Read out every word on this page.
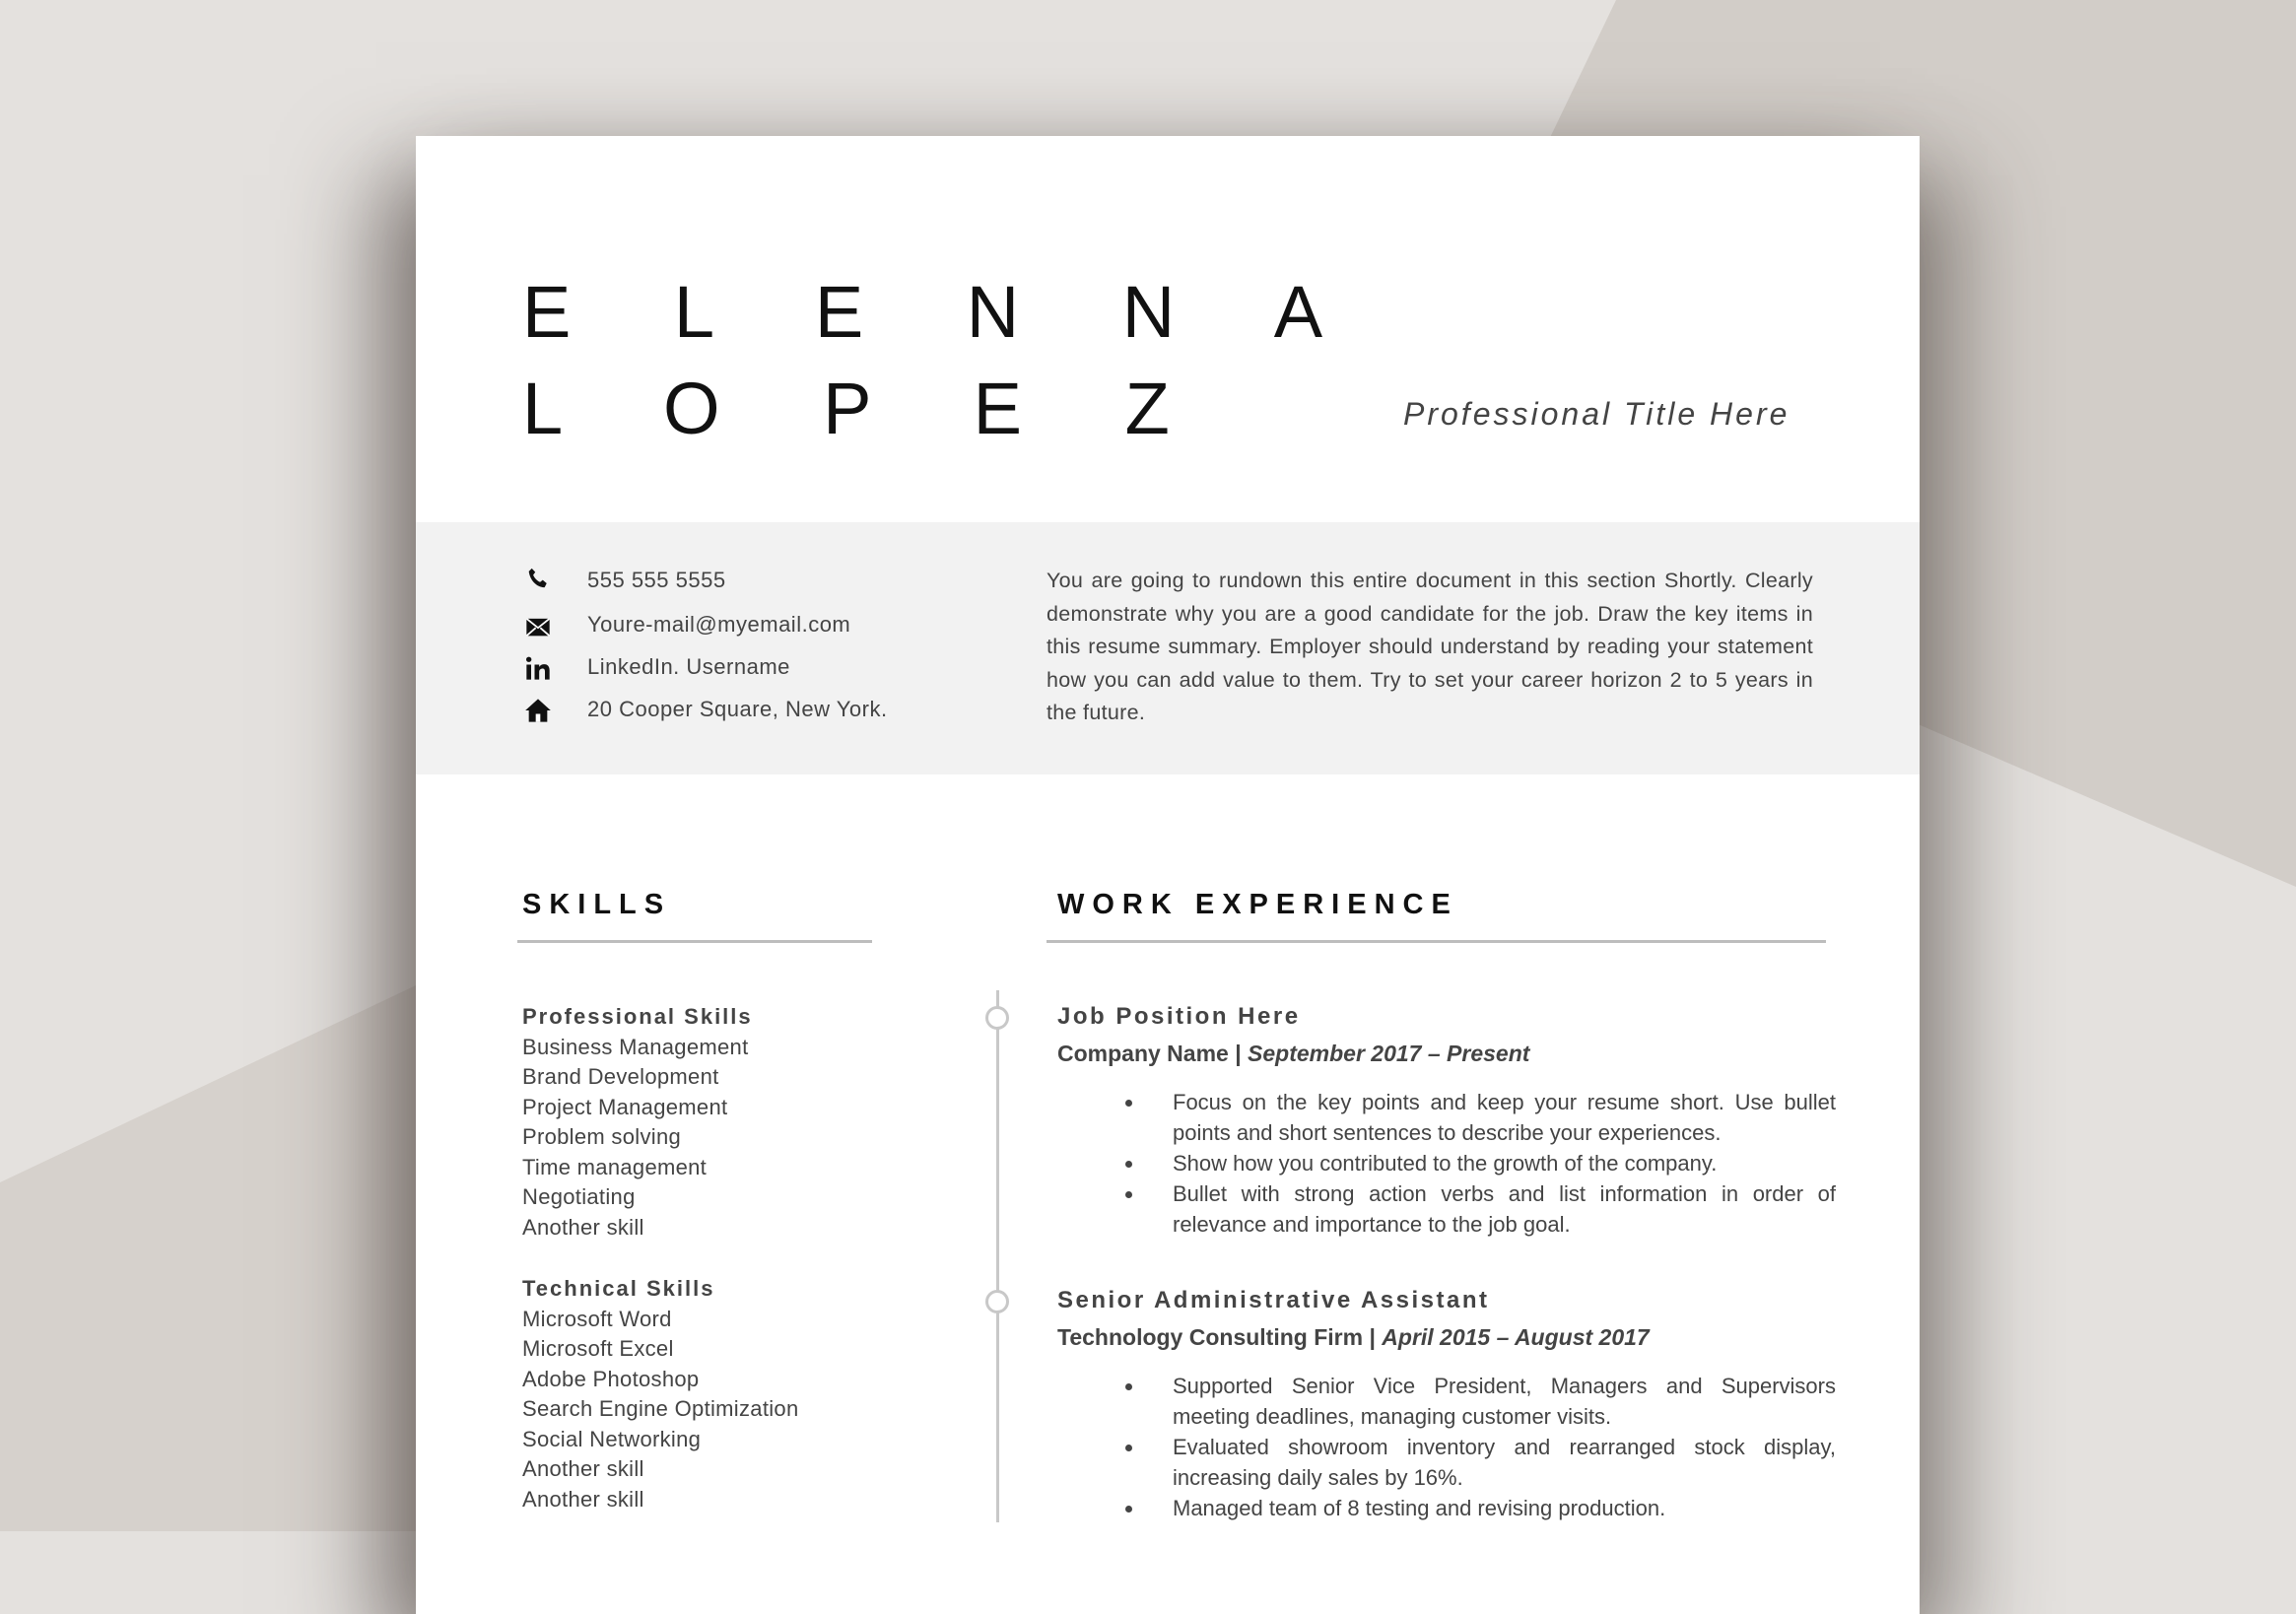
E L E N N A
L O P E Z	Professional Title Here
555 555 5555
Youre-mail@myemail.com
LinkedIn. Username
20 Cooper Square, New York.
You are going to rundown this entire document in this section Shortly. Clearly demonstrate why you are a good candidate for the job. Draw the key items in this resume summary. Employer should understand by reading your statement how you can add value to them. Try to set your career horizon 2 to 5 years in the future.
SKILLS	WORK EXPERIENCE
Professional Skills
Business Management
Brand Development
Project Management
Problem solving
Time management
Negotiating
Another skill
Technical Skills
Microsoft Word
Microsoft Excel
Adobe Photoshop
Search Engine Optimization
Social Networking
Another skill
Another skill
Job Position Here
Company Name | September 2017 – Present
• Focus on the key points and keep your resume short. Use bullet points and short sentences to describe your experiences.
• Show how you contributed to the growth of the company.
• Bullet with strong action verbs and list information in order of relevance and importance to the job goal.
Senior Administrative Assistant
Technology Consulting Firm | April 2015 – August 2017
• Supported Senior Vice President, Managers and Supervisors meeting deadlines, managing customer visits.
• Evaluated showroom inventory and rearranged stock display, increasing daily sales by 16%.
• Managed team of 8 testing and revising production.
